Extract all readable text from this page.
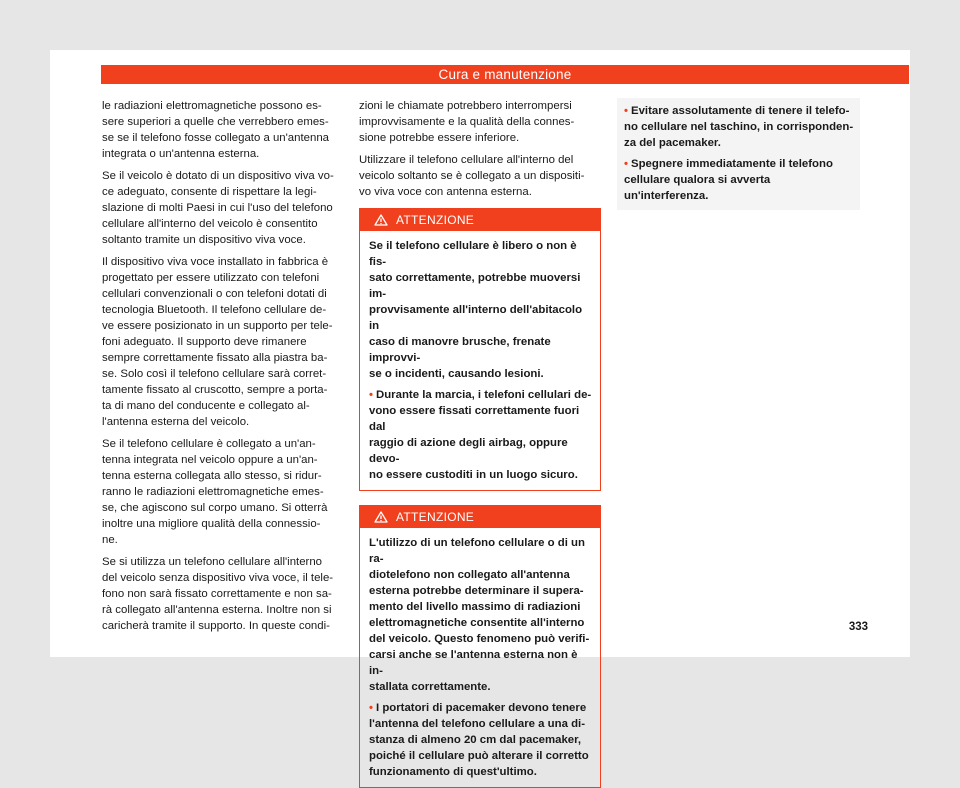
Cura e manutenzione

le radiazioni elettromagnetiche possono es-
sere superiori a quelle che verrebbero emes-
se se il telefono fosse collegato a un'antenna
integrata o un'antenna esterna.

Se il veicolo è dotato di un dispositivo viva vo-
ce adeguato, consente di rispettare la legi-
slazione di molti Paesi in cui l'uso del telefono
cellulare all'interno del veicolo è consentito
soltanto tramite un dispositivo viva voce.

Il dispositivo viva voce installato in fabbrica è
progettato per essere utilizzato con telefoni
cellulari convenzionali o con telefoni dotati di
tecnologia Bluetooth. Il telefono cellulare de-
ve essere posizionato in un supporto per tele-
foni adeguato. Il supporto deve rimanere
sempre correttamente fissato alla piastra ba-
se. Solo così il telefono cellulare sarà corret-
tamente fissato al cruscotto, sempre a porta-
ta di mano del conducente e collegato al-
l'antenna esterna del veicolo.

Se il telefono cellulare è collegato a un'an-
tenna integrata nel veicolo oppure a un'an-
tenna esterna collegata allo stesso, si ridur-
ranno le radiazioni elettromagnetiche emes-
se, che agiscono sul corpo umano. Si otterrà
inoltre una migliore qualità della connessio-
ne.

Se si utilizza un telefono cellulare all'interno
del veicolo senza dispositivo viva voce, il tele-
fono non sarà fissato correttamente e non sa-
rà collegato all'antenna esterna. Inoltre non si
caricherà tramite il supporto. In queste condi-

zioni le chiamate potrebbero interrompersi
improvvisamente e la qualità della connes-
sione potrebbe essere inferiore.

Utilizzare il telefono cellulare all'interno del
veicolo soltanto se è collegato a un dispositi-
vo viva voce con antenna esterna.

ATTENZIONE

Se il telefono cellulare è libero o non è fis-
sato correttamente, potrebbe muoversi im-
provvisamente all'interno dell'abitacolo in
caso di manovre brusche, frenate improvvi-
se o incidenti, causando lesioni.

• Durante la marcia, i telefoni cellulari de-
vono essere fissati correttamente fuori dal
raggio di azione degli airbag, oppure devo-
no essere custoditi in un luogo sicuro.

ATTENZIONE

L'utilizzo di un telefono cellulare o di un ra-
diotelefono non collegato all'antenna
esterna potrebbe determinare il supera-
mento del livello massimo di radiazioni
elettromagnetiche consentite all'interno
del veicolo. Questo fenomeno può verifi-
carsi anche se l'antenna esterna non è in-
stallata correttamente.

• I portatori di pacemaker devono tenere
l'antenna del telefono cellulare a una di-
stanza di almeno 20 cm dal pacemaker,
poiché il cellulare può alterare il corretto
funzionamento di quest'ultimo.

• Evitare assolutamente di tenere il telefo-
no cellulare nel taschino, in corrisponden-
za del pacemaker.

• Spegnere immediatamente il telefono
cellulare qualora si avverta un'interferenza.

333
